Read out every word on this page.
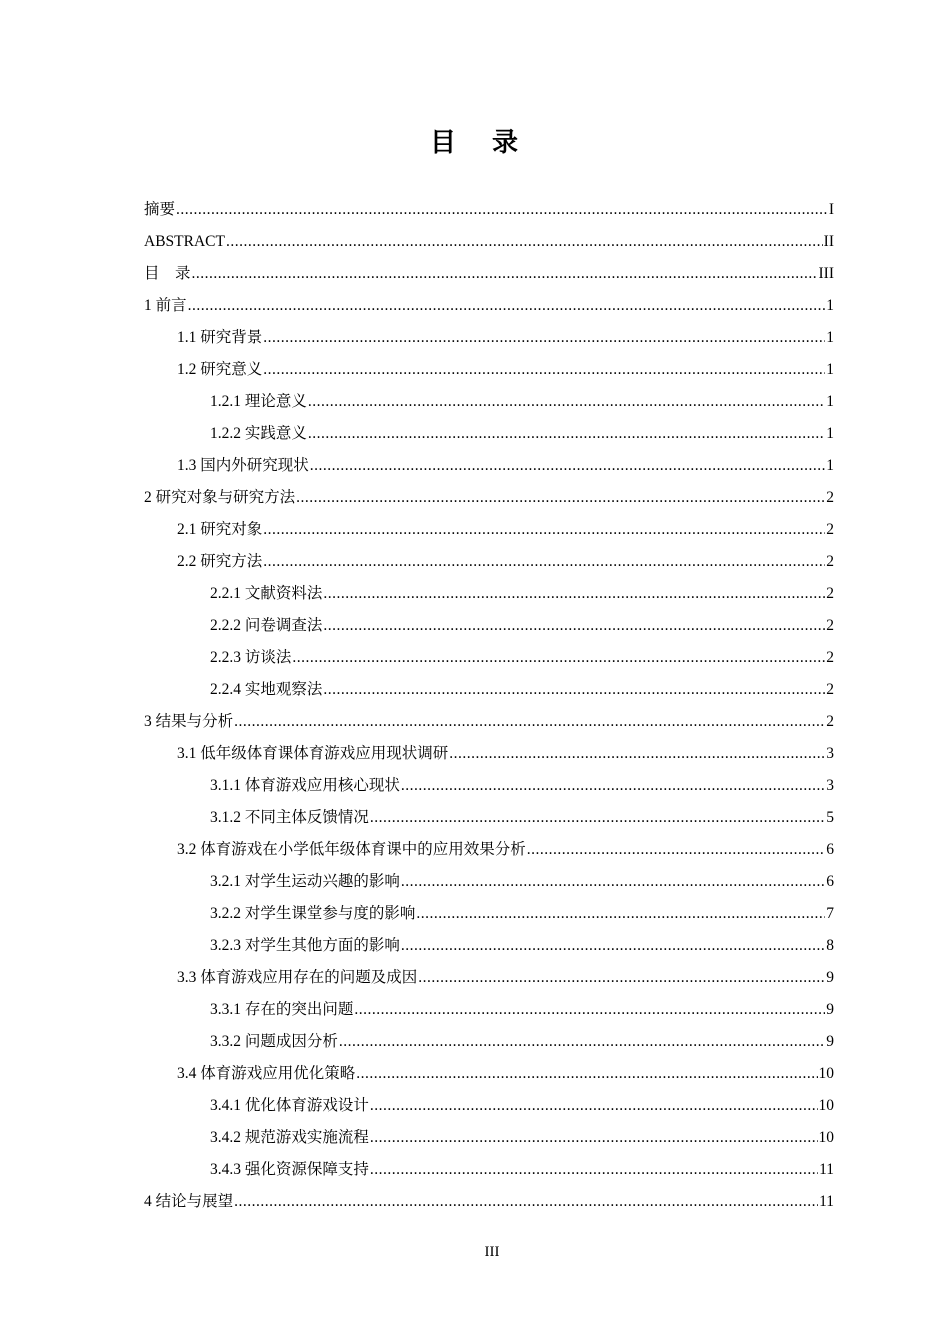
目    录
摘要 .....	I
ABSTRACT .....	II
目    录 .....	III
1 前言 .....	1
1.1 研究背景 .....	1
1.2 研究意义 .....	1
1.2.1 理论意义 .....	1
1.2.2 实践意义 .....	1
1.3 国内外研究现状 .....	1
2 研究对象与研究方法 .....	2
2.1 研究对象 .....	2
2.2 研究方法 .....	2
2.2.1 文献资料法 .....	2
2.2.2 问卷调查法 .....	2
2.2.3 访谈法 .....	2
2.2.4 实地观察法 .....	2
3 结果与分析 .....	2
3.1 低年级体育课体育游戏应用现状调研 .....	3
3.1.1 体育游戏应用核心现状 .....	3
3.1.2 不同主体反馈情况 .....	5
3.2 体育游戏在小学低年级体育课中的应用效果分析 .....	6
3.2.1 对学生运动兴趣的影响 .....	6
3.2.2 对学生课堂参与度的影响 .....	7
3.2.3 对学生其他方面的影响 .....	8
3.3 体育游戏应用存在的问题及成因 .....	9
3.3.1 存在的突出问题 .....	9
3.3.2 问题成因分析 .....	9
3.4 体育游戏应用优化策略 .....	10
3.4.1 优化体育游戏设计 .....	10
3.4.2 规范游戏实施流程 .....	10
3.4.3 强化资源保障支持 .....	11
4 结论与展望 .....	11
III
